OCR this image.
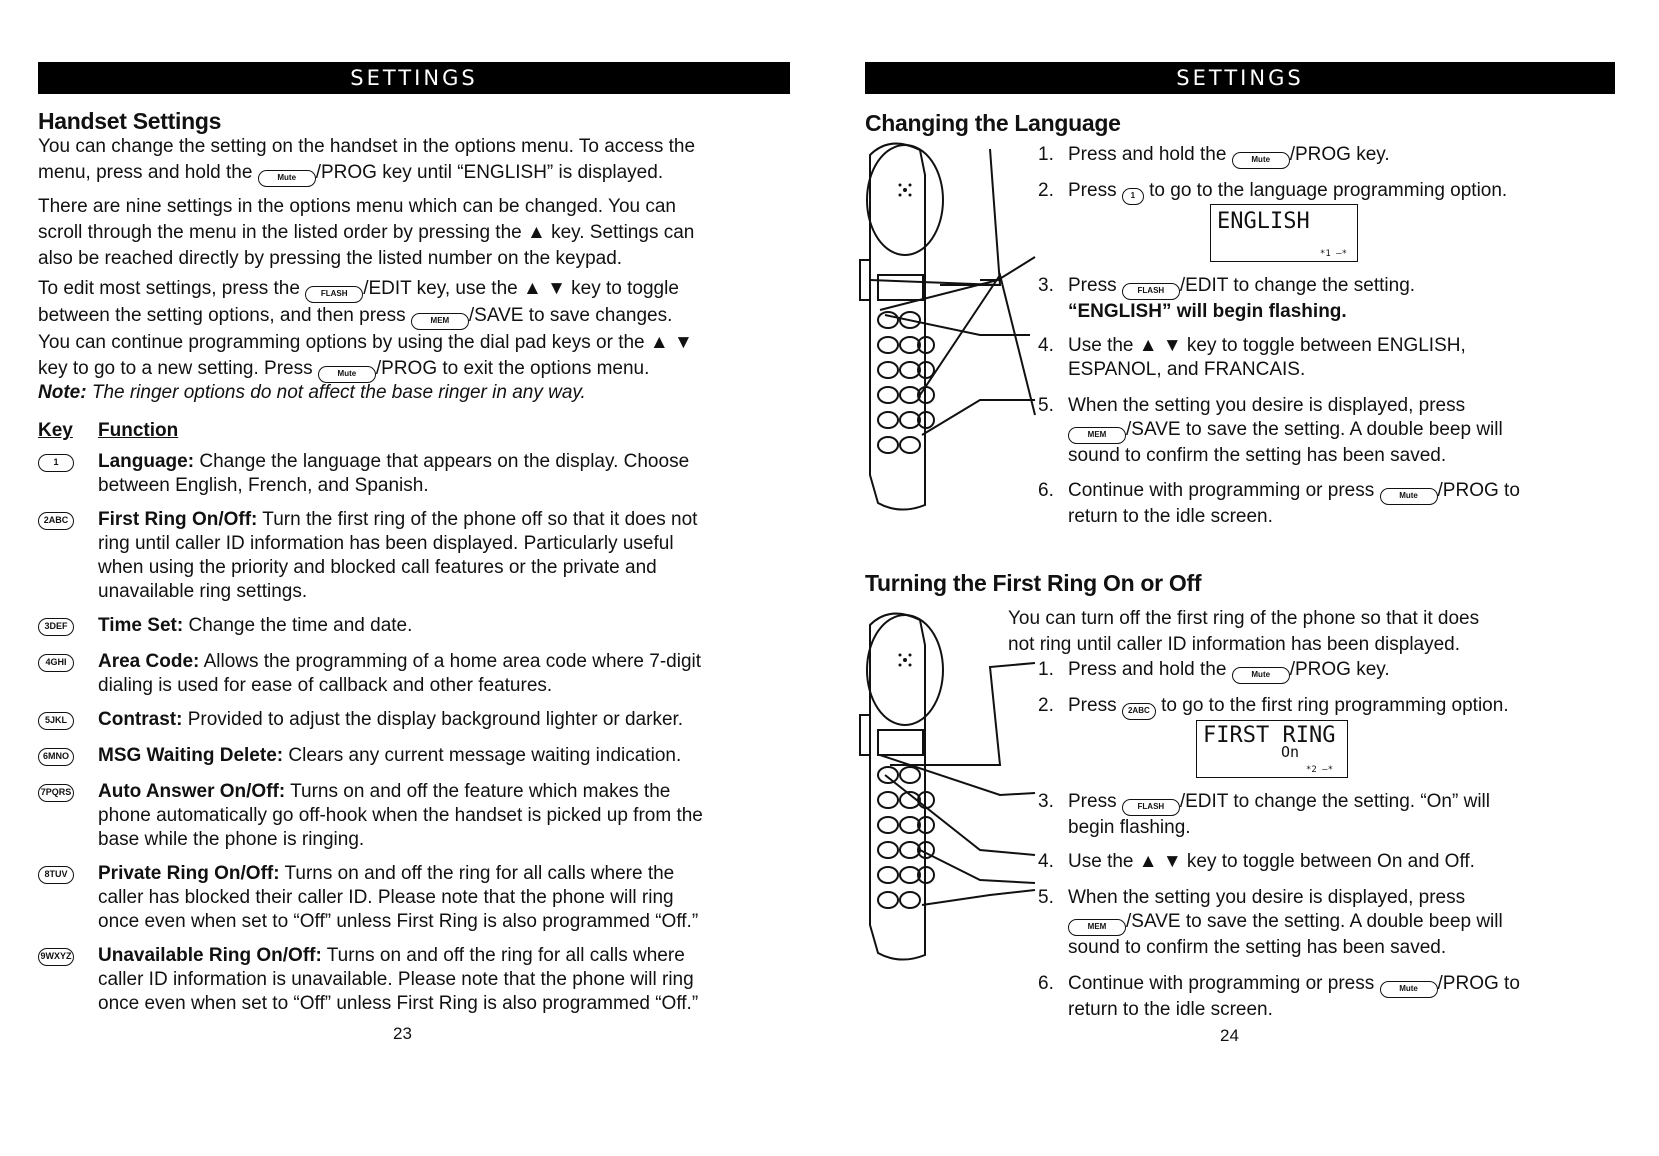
SETTINGS
Handset Settings
You can change the setting on the handset in the options menu. To access the
menu, press and hold the	Mute /PROG key until “ENGLISH” is displayed.
There are nine settings in the options menu which can be changed. You can
scroll through the menu in the listed order by pressing the ▲ key. Settings can
also be reached directly by pressing the listed number on the keypad.
To edit most settings, press the	FLASH /EDIT key, use the ▲ ▼ key to toggle
between the setting options, and then press	MEM /SAVE to save changes.
You can continue programming options by using the dial pad keys or the ▲ ▼
key to go to a new setting. Press	Mute /PROG to exit the options menu.
Note: The ringer options do not affect the base ringer in any way.
Key Function
1	Language: Change the language that appears on the display. Choose
between English, French, and Spanish.
2ABC	First Ring On/Off: Turn the first ring of the phone off so that it does not
ring until caller ID information has been displayed. Particularly useful
when using the priority and blocked call features or the private and
unavailable ring settings.
3DEF	Time Set: Change the time and date.
4GHI	Area Code: Allows the programming of a home area code where 7-digit
dialing is used for ease of callback and other features.
5JKL	Contrast: Provided to adjust the display background lighter or darker.
6MNO MSG Waiting Delete: Clears any current message waiting indication.
7PQRS Auto Answer On/Off: Turns on and off the feature which makes the
phone automatically go off-hook when the handset is picked up from the
base while the phone is ringing.
8TUV	Private Ring On/Off: Turns on and off the ring for all calls where the
caller has blocked their caller ID. Please note that the phone will ring
once even when set to “Off” unless First Ring is also programmed “Off.”
9WXYZ Unavailable Ring On/Off: Turns on and off the ring for all calls where
caller ID information is unavailable. Please note that the phone will ring
once even when set to “Off” unless First Ring is also programmed “Off.”
23
SETTINGS
Changing the Language
1. Press and hold the	Mute /PROG key.
2. Press 1 to go to the language programming option.
ENGLISH
*1 —*
3. Press	FLASH /EDIT to change the setting.
“ENGLISH” will begin flashing.
4. Use the ▲ ▼ key to toggle between ENGLISH,
ESPANOL, and FRANCAIS.
5. When the setting you desire is displayed, press
MEM /SAVE to save the setting. A double beep will
sound to confirm the setting has been saved.
6. Continue with programming or press	Mute /PROG to
return to the idle screen.
Turning the First Ring On or Off
You can turn off the first ring of the phone so that it does
not ring until caller ID information has been displayed.
1. Press and hold the	Mute /PROG key.
2. Press 2ABC to go to the first ring programming option.
FIRST RING
On
*2 —*
3. Press	FLASH /EDIT to change the setting. “On” will
begin flashing.
4. Use the ▲ ▼ key to toggle between On and Off.
5. When the setting you desire is displayed, press
MEM /SAVE to save the setting. A double beep will
sound to confirm the setting has been saved.
6. Continue with programming or press	Mute /PROG to
return to the idle screen.
24
